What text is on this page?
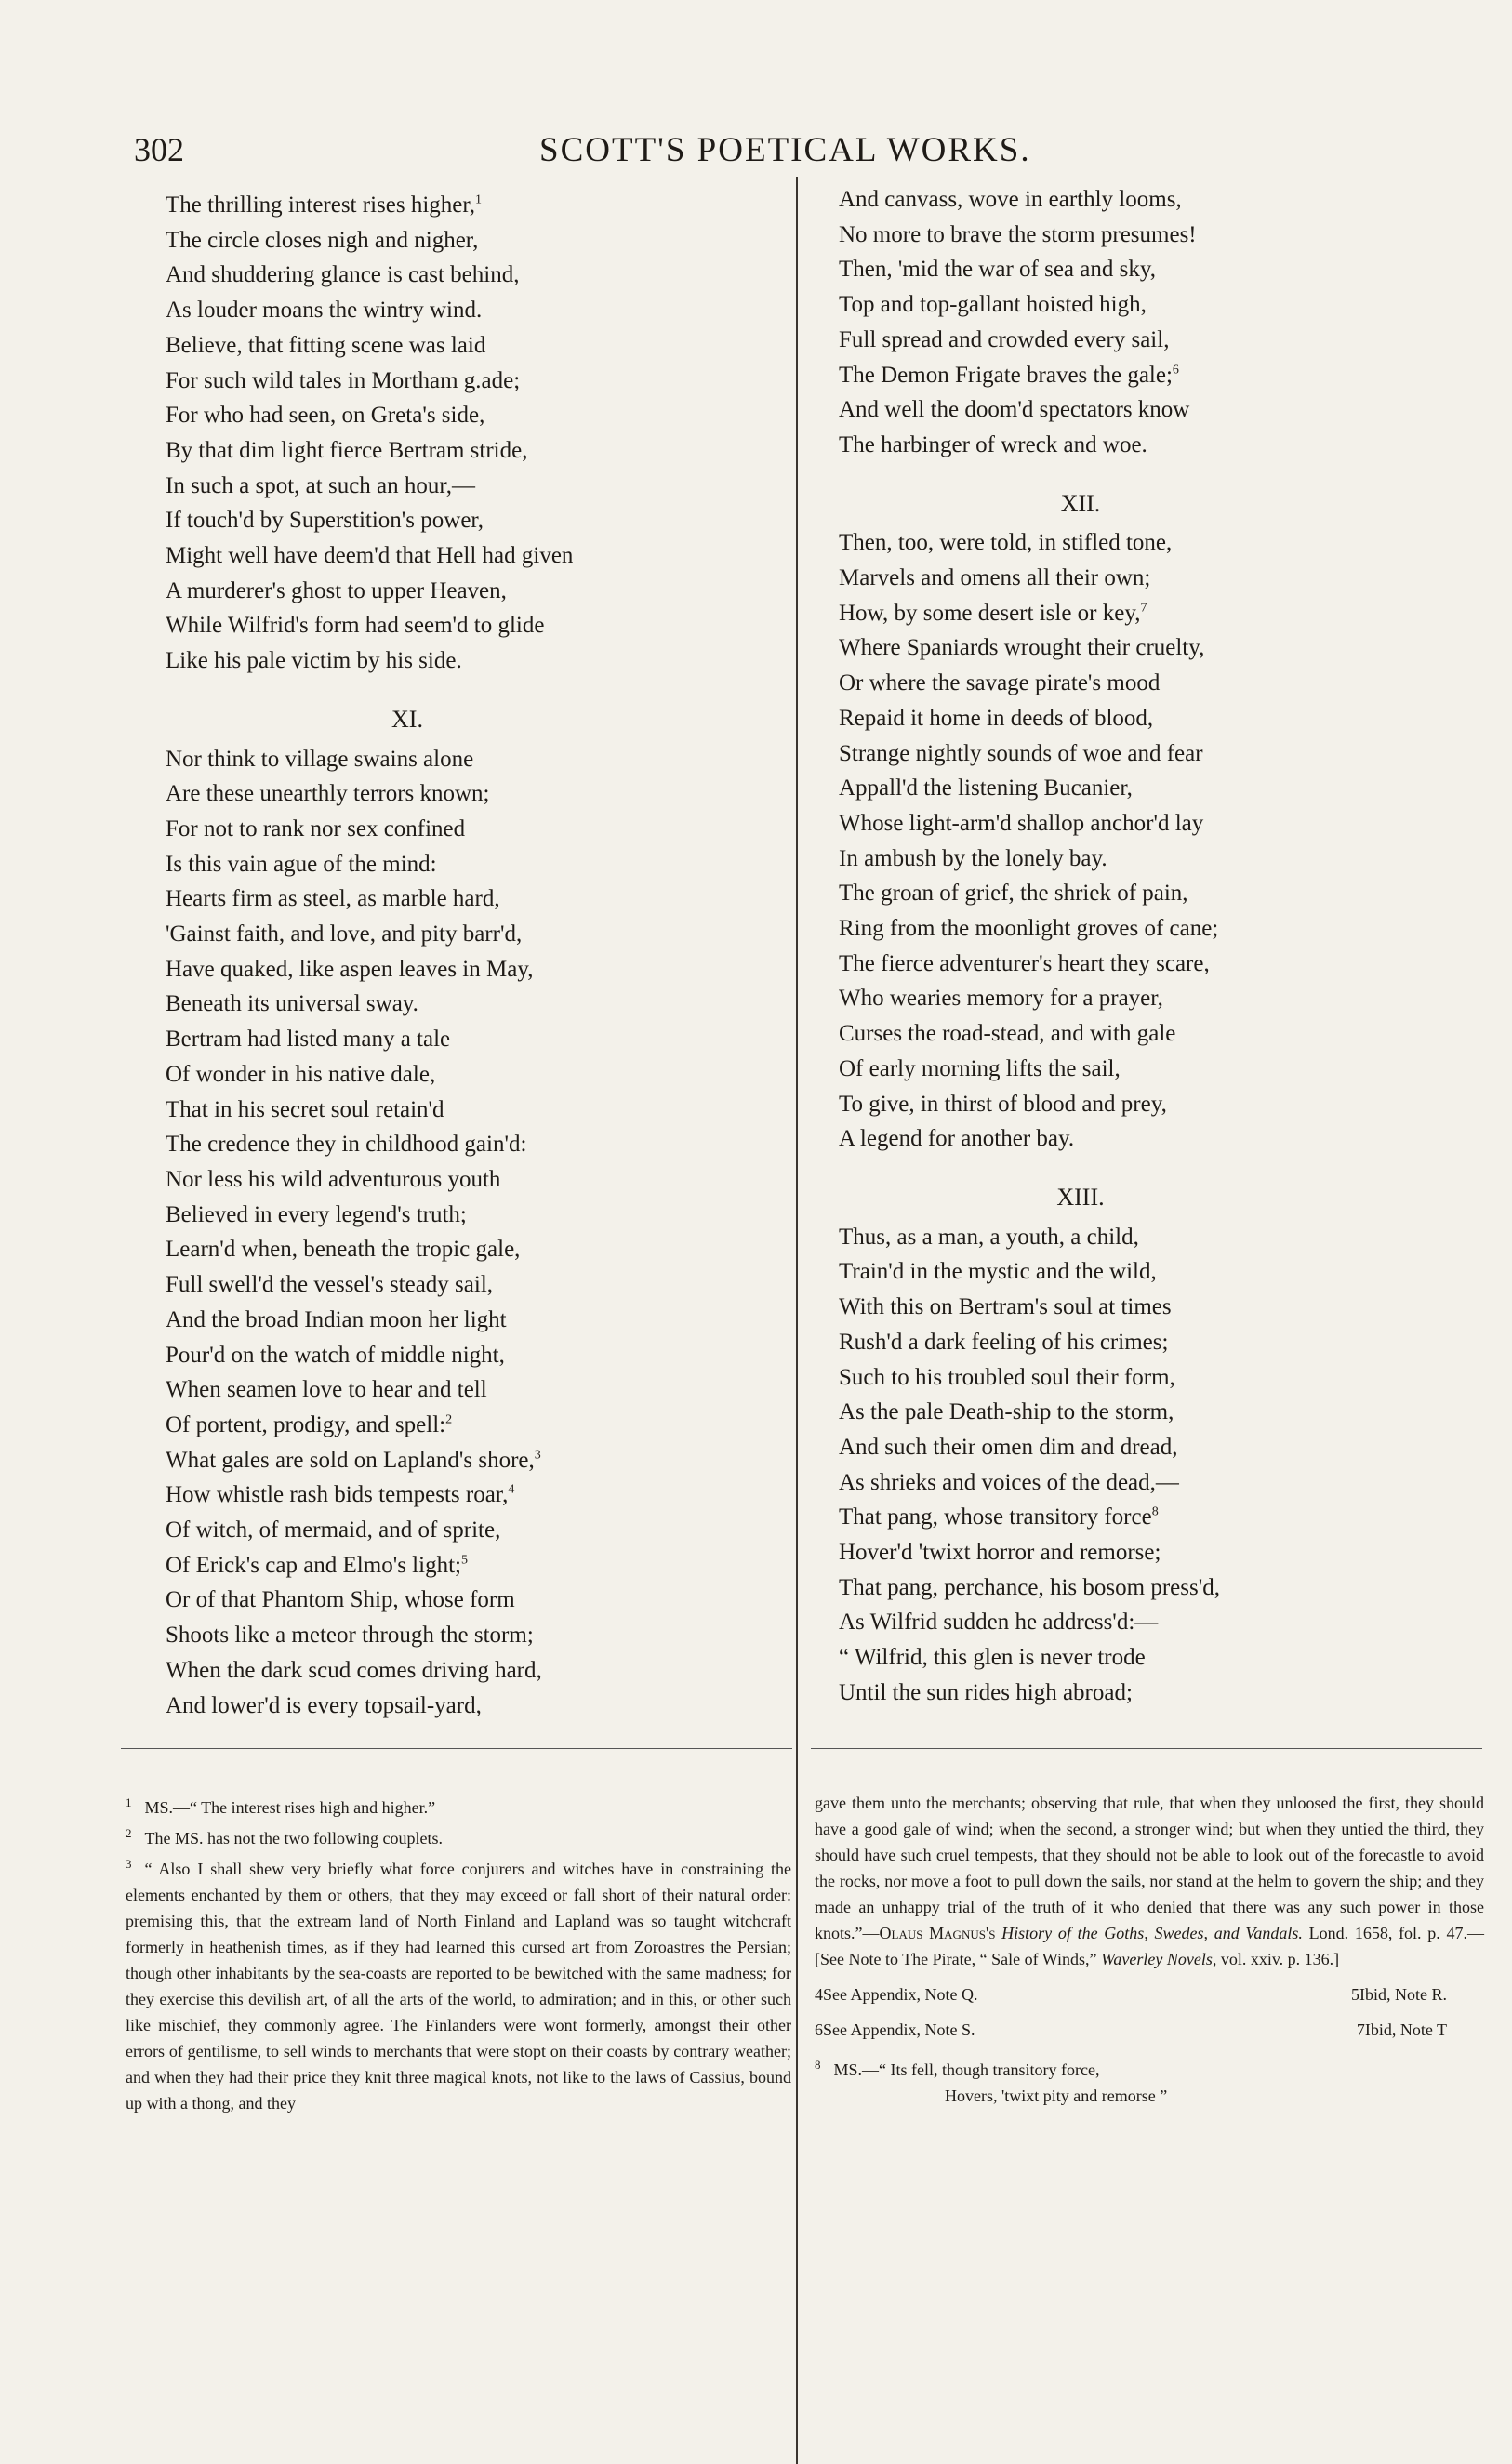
302	SCOTT'S POETICAL WORKS.
The thrilling interest rises higher,$^1$
The circle closes nigh and nigher,
And shuddering glance is cast behind,
As louder moans the wintry wind.
Believe, that fitting scene was laid
For such wild tales in Mortham g.ade;
For who had seen, on Greta's side,
By that dim light fierce Bertram stride,
In such a spot, at such an hour,—
If touch'd by Superstition's power,
Might well have deem'd that Hell had given
A murderer's ghost to upper Heaven,
While Wilfrid's form had seem'd to glide
Like his pale victim by his side.
XI.
Nor think to village swains alone
Are these unearthly terrors known;
For not to rank nor sex confined
Is this vain ague of the mind:
Hearts firm as steel, as marble hard,
'Gainst faith, and love, and pity barr'd,
Have quaked, like aspen leaves in May,
Beneath its universal sway.
Bertram had listed many a tale
Of wonder in his native dale,
That in his secret soul retain'd
The credence they in childhood gain'd:
Nor less his wild adventurous youth
Believed in every legend's truth;
Learn'd when, beneath the tropic gale,
Full swell'd the vessel's steady sail,
And the broad Indian moon her light
Pour'd on the watch of middle night,
When seamen love to hear and tell
Of portent, prodigy, and spell:$^2$
What gales are sold on Lapland's shore,$^3$
How whistle rash bids tempests roar,$^4$
Of witch, of mermaid, and of sprite,
Of Erick's cap and Elmo's light;$^5$
Or of that Phantom Ship, whose form
Shoots like a meteor through the storm;
When the dark scud comes driving hard,
And lower'd is every topsail-yard,
And canvass, wove in earthly looms,
No more to brave the storm presumes!
Then, 'mid the war of sea and sky,
Top and top-gallant hoisted high,
Full spread and crowded every sail,
The Demon Frigate braves the gale;$^6$
And well the doom'd spectators know
The harbinger of wreck and woe.
XII.
Then, too, were told, in stifled tone,
Marvels and omens all their own;
How, by some desert isle or key,$^7$
Where Spaniards wrought their cruelty,
Or where the savage pirate's mood
Repaid it home in deeds of blood,
Strange nightly sounds of woe and fear
Appall'd the listening Bucanier,
Whose light-arm'd shallop anchor'd lay
In ambush by the lonely bay.
The groan of grief, the shriek of pain,
Ring from the moonlight groves of cane;
The fierce adventurer's heart they scare,
Who wearies memory for a prayer,
Curses the road-stead, and with gale
Of early morning lifts the sail,
To give, in thirst of blood and prey,
A legend for another bay.
XIII.
Thus, as a man, a youth, a child,
Train'd in the mystic and the wild,
With this on Bertram's soul at times
Rush'd a dark feeling of his crimes;
Such to his troubled soul their form,
As the pale Death-ship to the storm,
And such their omen dim and dread,
As shrieks and voices of the dead,—
That pang, whose transitory force$^8$
Hover'd 'twixt horror and remorse;
That pang, perchance, his bosom press'd,
As Wilfrid sudden he address'd:—
“ Wilfrid, this glen is never trode
Until the sun rides high abroad;
$^1$ MS.—“ The interest rises high and higher.”
$^2$ The MS. has not the two following couplets.
$^3$ “ Also I shall shew very briefly what force conjurers and witches have in constraining the elements enchanted by them or others, that they may exceed or fall short of their natural order: premising this, that the extream land of North Finland and Lapland was so taught witchcraft formerly in heathenish times, as if they had learned this cursed art from Zoroastres the Persian; though other inhabitants by the sea-coasts are reported to be bewitched with the same madness; for they exercise this devilish art, of all the arts of the world, to admiration; and in this, or other such like mischief, they commonly agree. The Finlanders were wont formerly, amongst their other errors of gentilisme, to sell winds to merchants that were stopt on their coasts by contrary weather; and when they had their price they knit three magical knots, not like to the laws of Cassius, bound up with a thong, and they
gave them unto the merchants; observing that rule, that when they unloosed the first, they should have a good gale of wind; when the second, a stronger wind; but when they untied the third, they should have such cruel tempests, that they should not be able to look out of the forecastle to avoid the rocks, nor move a foot to pull down the sails, nor stand at the helm to govern the ship; and they made an unhappy trial of the truth of it who denied that there was any such power in those knots.”—Olaus Magnus's History of the Goths, Swedes, and Vandals. Lond. 1658, fol. p. 47.—[See Note to The Pirate, “ Sale of Winds,” Waverley Novels, vol. xxiv. p. 136.]
4See Appendix, Note Q.	5Ibid, Note R.
6See Appendix, Note S.	7Ibid, Note T
$^8$ MS.—“ Its fell, though transitory force,
Hovers, 'twixt pity and remorse ”
